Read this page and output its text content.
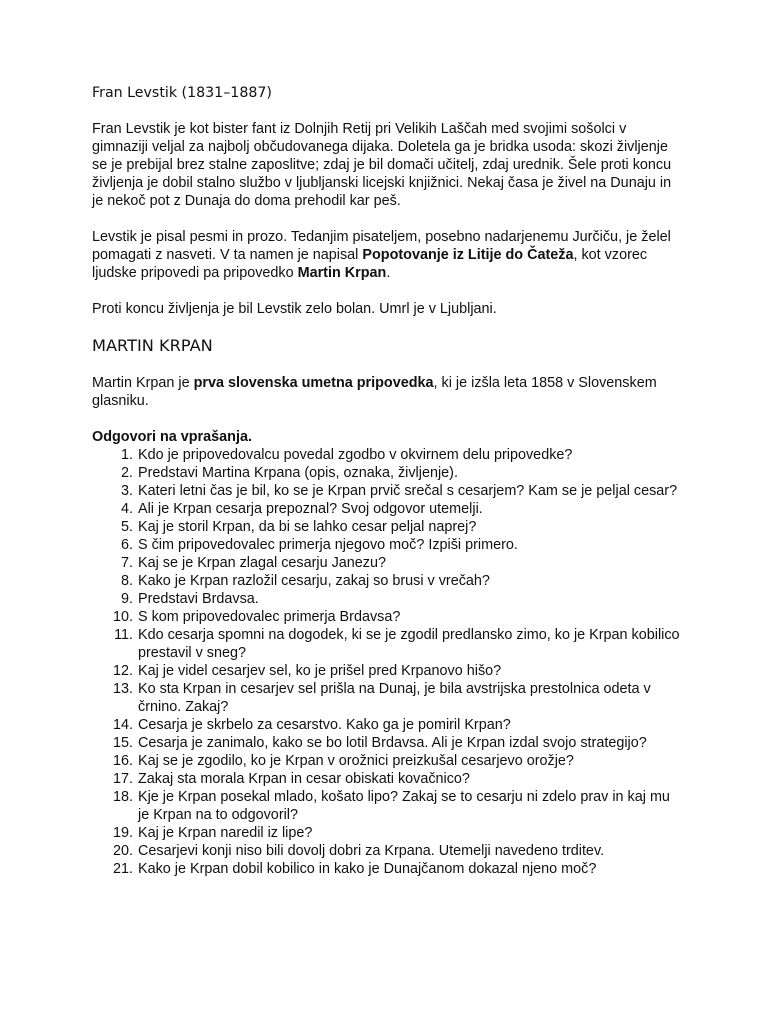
Fran Levstik (1831–1887)

Fran Levstik je kot bister fant iz Dolnjih Retij pri Velikih Laščah med svojimi sošolci v gimnaziji veljal za najbolj občudovanega dijaka. Doletela ga je bridka usoda: skozi življenje se je prebijal brez stalne zaposlitve; zdaj je bil domači učitelj, zdaj urednik. Šele proti koncu življenja je dobil stalno službo v ljubljanski licejski knjižnici. Nekaj časa je živel na Dunaju in je nekoč pot z Dunaja do doma prehodil kar peš.

Levstik je pisal pesmi in prozo. Tedanjim pisateljem, posebno nadarjenemu Jurčiču, je želel pomagati z nasveti. V ta namen je napisal Popotovanje iz Litije do Čateža, kot vzorec ljudske pripovedi pa pripovedko Martin Krpan.

Proti koncu življenja je bil Levstik zelo bolan. Umrl je v Ljubljani.

MARTIN KRPAN

Martin Krpan je prva slovenska umetna pripovedka, ki je izšla leta 1858 v Slovenskem glasniku.

Odgovori na vprašanja.

1. Kdo je pripovedovalcu povedal zgodbo v okvirnem delu pripovedke?
2. Predstavi Martina Krpana (opis, oznaka, življenje).
3. Kateri letni čas je bil, ko se je Krpan prvič srečal s cesarjem? Kam se je peljal cesar?
4. Ali je Krpan cesarja prepoznal? Svoj odgovor utemelji.
5. Kaj je storil Krpan, da bi se lahko cesar peljal naprej?
6. S čim pripovedovalec primerja njegovo moč? Izpiši primero.
7. Kaj se je Krpan zlagal cesarju Janezu?
8. Kako je Krpan razložil cesarju, zakaj so brusi v vrečah?
9. Predstavi Brdavsa.
10. S kom pripovedovalec primerja Brdavsa?
11. Kdo cesarja spomni na dogodek, ki se je zgodil predlansko zimo, ko je Krpan kobilico prestavil v sneg?
12. Kaj je videl cesarjev sel, ko je prišel pred Krpanovo hišo?
13. Ko sta Krpan in cesarjev sel prišla na Dunaj, je bila avstrijska prestolnica odeta v črnino. Zakaj?
14. Cesarja je skrbelo za cesarstvo. Kako ga je pomiril Krpan?
15. Cesarja je zanimalo, kako se bo lotil Brdavsa. Ali je Krpan izdal svojo strategijo?
16. Kaj se je zgodilo, ko je Krpan v orožnici preizkušal cesarjevo orožje?
17. Zakaj sta morala Krpan in cesar obiskati kovačnico?
18. Kje je Krpan posekal mlado, košato lipo? Zakaj se to cesarju ni zdelo prav in kaj mu je Krpan na to odgovoril?
19. Kaj je Krpan naredil iz lipe?
20. Cesarjevi konji niso bili dovolj dobri za Krpana. Utemelji navedeno trditev.
21. Kako je Krpan dobil kobilico in kako je Dunajčanom dokazal njeno moč?
